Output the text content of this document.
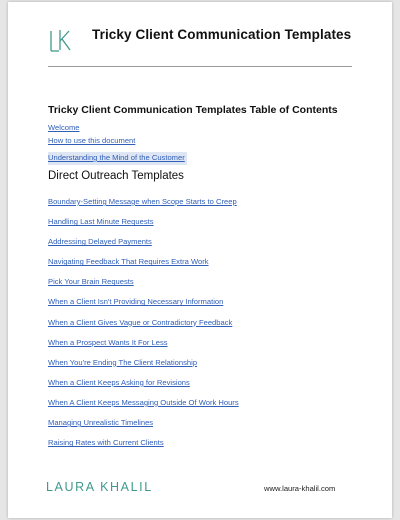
Tricky Client Communication Templates
Tricky Client Communication Templates Table of Contents
Welcome
How to use this document
Understanding the Mind of the Customer
Direct Outreach Templates
Boundary-Setting Message when Scope Starts to Creep
Handling Last Minute Requests
Addressing Delayed Payments
Navigating Feedback That Requires Extra Work
Pick Your Brain Requests
When a Client Isn't Providing Necessary Information
When a Client Gives Vague or Contradictory Feedback
When a Prospect Wants It For Less
When You're Ending The Client Relationship
When a Client Keeps Asking for Revisions
When A Client Keeps Messaging Outside Of Work Hours
Managing Unrealistic Timelines
Raising Rates with Current Clients
LAURA KHALIL	www.laura-khalil.com
